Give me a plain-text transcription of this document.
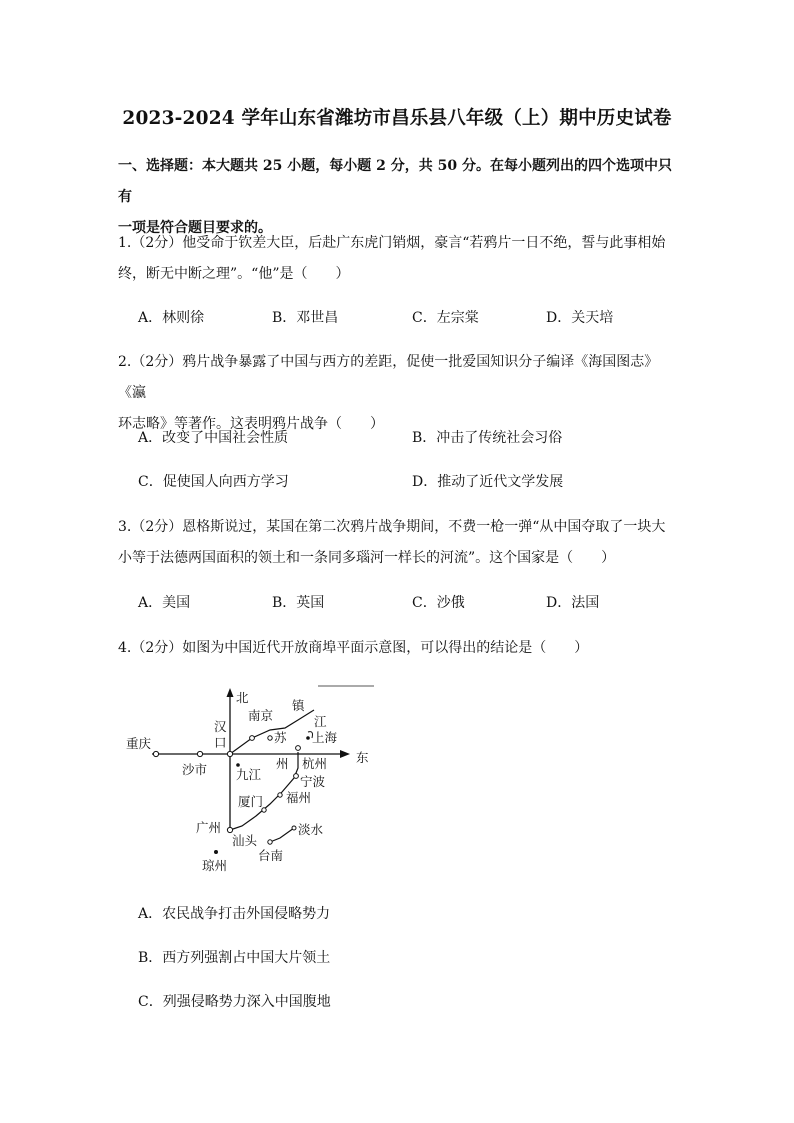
2023-2024 学年山东省潍坊市昌乐县八年级（上）期中历史试卷
一、选择题：本大题共 25 小题，每小题 2 分，共 50 分。在每小题列出的四个选项中只有
一项是符合题目要求的。
1.（2分）他受命于钦差大臣，后赴广东虎门销烟，豪言“若鸦片一日不绝，誓与此事相始
终，断无中断之理”。“他”是（　　）
A．林则徐	B．邓世昌	C．左宗棠	D．关天培
2.（2分）鸦片战争暴露了中国与西方的差距，促使一批爱国知识分子编译《海国图志》《瀛
环志略》等著作。这表明鸦片战争（　　）
A．改变了中国社会性质	B．冲击了传统社会习俗
C．促使国人向西方学习	D．推动了近代文学发展
3.（2分）恩格斯说过，某国在第二次鸦片战争期间，不费一枪一弹“从中国夺取了一块大
小等于法德两国面积的领土和一条同多瑙河一样长的河流”。这个国家是（　　）
A．美国	B．英国	C．沙俄	D．法国
4.（2分）如图为中国近代开放商埠平面示意图，可以得出的结论是（　　）
北
东
重庆
沙市
汉
口
九江
南京
镇
江
苏 上海
州 杭州
宁波
厦门 福州
广州
汕头
淡水
台南
琼州
A．农民战争打击外国侵略势力
B．西方列强割占中国大片领土
C．列强侵略势力深入中国腹地
